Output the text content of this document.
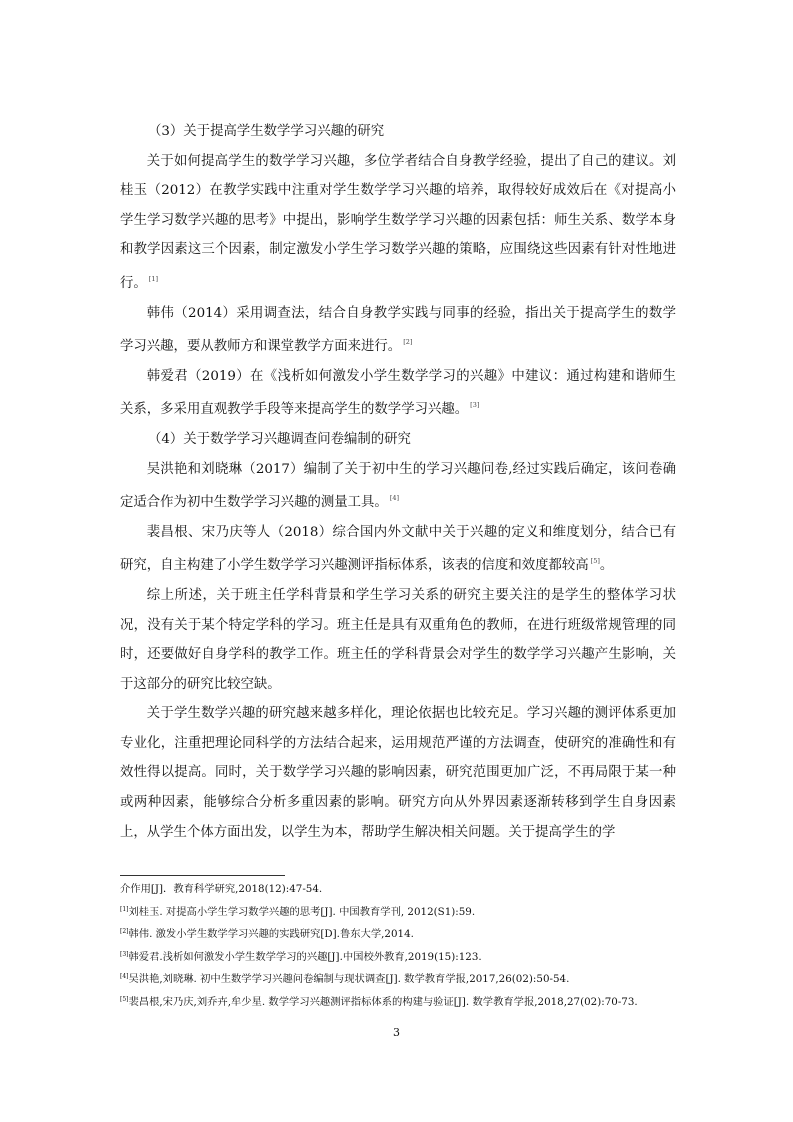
（3）关于提高学生数学学习兴趣的研究

关于如何提高学生的数学学习兴趣，多位学者结合自身教学经验，提出了自己的建议。刘桂玉（2012）在教学实践中注重对学生数学学习兴趣的培养，取得较好成效后在《对提高小学生学习数学兴趣的思考》中提出，影响学生数学学习兴趣的因素包括：师生关系、数学本身和教学因素这三个因素，制定激发小学生学习数学兴趣的策略，应围绕这些因素有针对性地进行。 [1]

韩伟（2014）采用调查法，结合自身教学实践与同事的经验，指出关于提高学生的数学学习兴趣，要从教师方和课堂教学方面来进行。 [2]

韩爱君（2019）在《浅析如何激发小学生数学学习的兴趣》中建议：通过构建和谐师生关系，多采用直观教学手段等来提高学生的数学学习兴趣。 [3]

（4）关于数学学习兴趣调查问卷编制的研究

吴洪艳和刘晓琳（2017）编制了关于初中生的学习兴趣问卷,经过实践后确定，该问卷确定适合作为初中生数学学习兴趣的测量工具。 [4]

裴昌根、宋乃庆等人（2018）综合国内外文献中关于兴趣的定义和维度划分，结合已有研究，自主构建了小学生数学学习兴趣测评指标体系，该表的信度和效度都较高 [5]。

综上所述，关于班主任学科背景和学生学习关系的研究主要关注的是学生的整体学习状况，没有关于某个特定学科的学习。班主任是具有双重角色的教师，在进行班级常规管理的同时，还要做好自身学科的教学工作。班主任的学科背景会对学生的数学学习兴趣产生影响，关于这部分的研究比较空缺。

关于学生数学兴趣的研究越来越多样化，理论依据也比较充足。学习兴趣的测评体系更加专业化，注重把理论同科学的方法结合起来，运用规范严谨的方法调查，使研究的准确性和有效性得以提高。同时，关于数学学习兴趣的影响因素，研究范围更加广泛，不再局限于某一种或两种因素，能够综合分析多重因素的影响。研究方向从外界因素逐渐转移到学生自身因素上，从学生个体方面出发，以学生为本，帮助学生解决相关问题。关于提高学生的学

介作用[J]．教育科学研究,2018(12):47-54.

[1]刘桂玉. 对提高小学生学习数学兴趣的思考[J]. 中国教育学刊, 2012(S1):59.

[2]韩伟. 激发小学生数学学习兴趣的实践研究[D].鲁东大学,2014.

[3]韩爱君.浅析如何激发小学生数学学习的兴趣[J].中国校外教育,2019(15):123.

[4]吴洪艳,刘晓琳. 初中生数学学习兴趣问卷编制与现状调查[J]. 数学教育学报,2017,26(02):50-54.

[5]裴昌根,宋乃庆,刘乔卉,牟少星. 数学学习兴趣测评指标体系的构建与验证[J]. 数学教育学报,2018,27(02):70-73.

3
